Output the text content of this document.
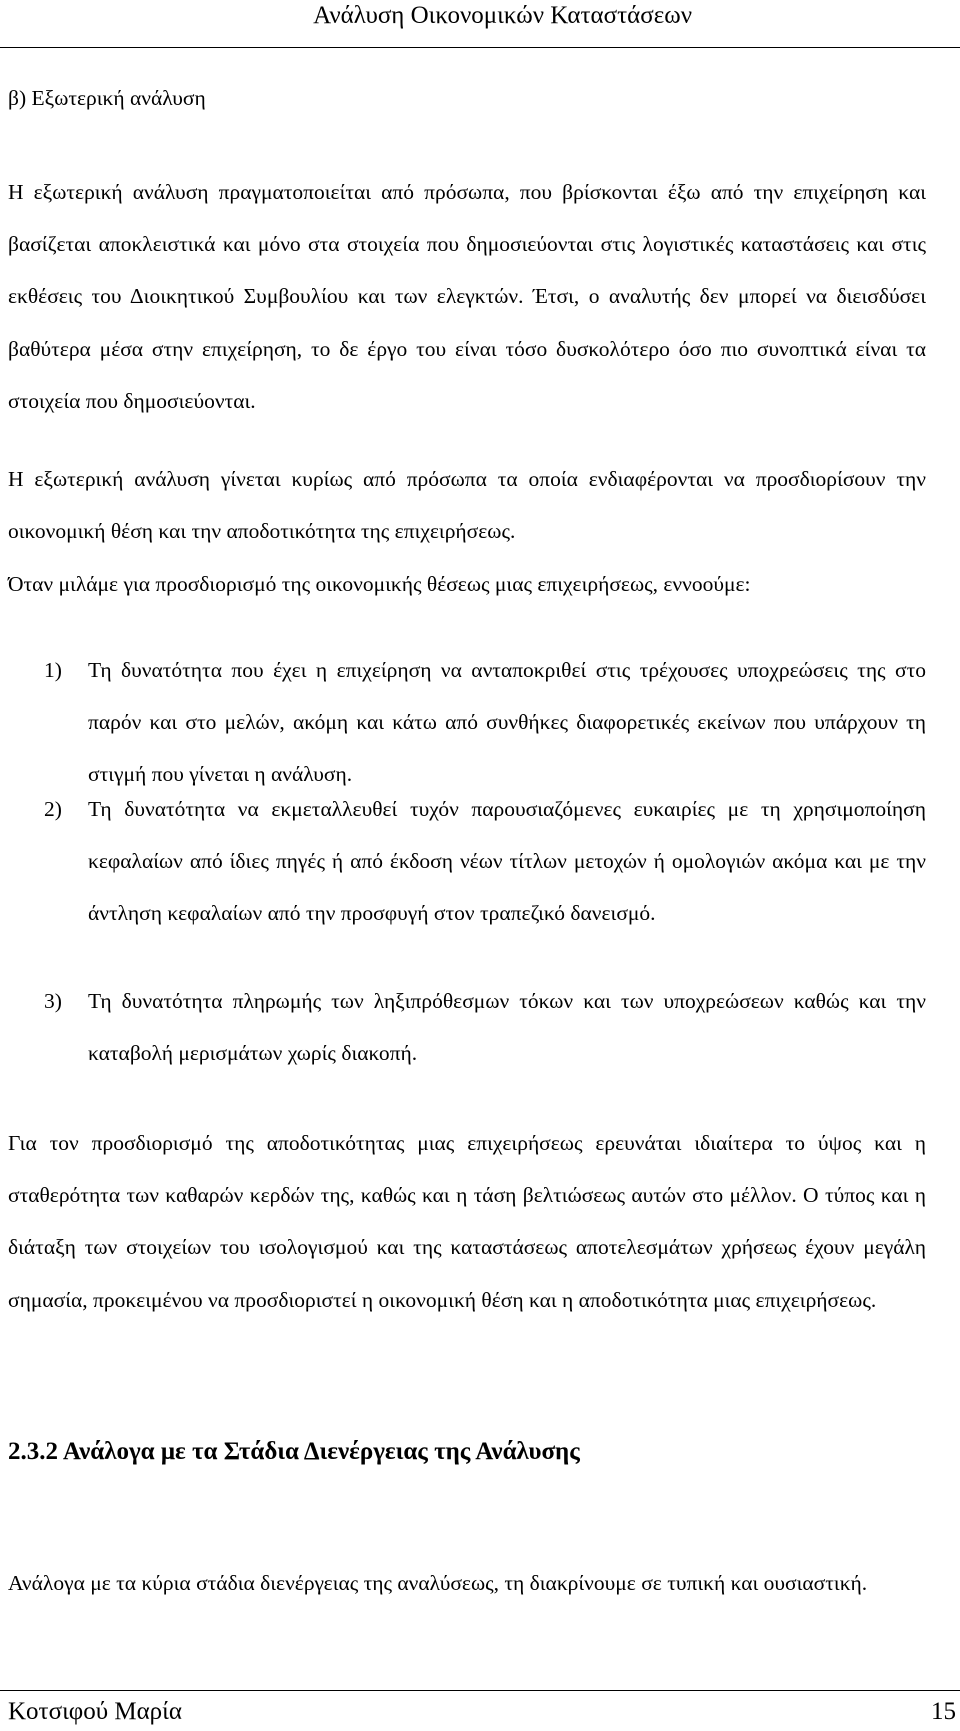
Ανάλυση Οικονομικών Καταστάσεων

β) Εξωτερική ανάλυση

Η εξωτερική ανάλυση πραγματοποιείται από πρόσωπα, που βρίσκονται έξω από την επιχείρηση και βασίζεται αποκλειστικά και μόνο στα στοιχεία που δημοσιεύονται στις λογιστικές καταστάσεις και στις εκθέσεις του Διοικητικού Συμβουλίου και των ελεγκτών. Έτσι, ο αναλυτής δεν μπορεί να διεισδύσει βαθύτερα μέσα στην επιχείρηση, το δε έργο του είναι τόσο δυσκολότερο όσο πιο συνοπτικά είναι τα στοιχεία που δημοσιεύονται.

Η εξωτερική ανάλυση γίνεται κυρίως από πρόσωπα τα οποία ενδιαφέρονται να προσδιορίσουν την οικονομική θέση και την αποδοτικότητα της επιχειρήσεως.

Όταν μιλάμε για προσδιορισμό της οικονομικής θέσεως μιας επιχειρήσεως, εννοούμε:

1) Τη δυνατότητα που έχει η επιχείρηση να ανταποκριθεί στις τρέχουσες υποχρεώσεις της στο παρόν και στο μελών, ακόμη και κάτω από συνθήκες διαφορετικές εκείνων που υπάρχουν τη στιγμή που γίνεται η ανάλυση.
2) Τη δυνατότητα να εκμεταλλευθεί τυχόν παρουσιαζόμενες ευκαιρίες με τη χρησιμοποίηση κεφαλαίων από ίδιες πηγές ή από έκδοση νέων τίτλων μετοχών ή ομολογιών ακόμα και με την άντληση κεφαλαίων από την προσφυγή στον τραπεζικό δανεισμό.
3) Τη δυνατότητα πληρωμής των ληξιπρόθεσμων τόκων και των υποχρεώσεων καθώς και την καταβολή μερισμάτων χωρίς διακοπή.

Για τον προσδιορισμό της αποδοτικότητας μιας επιχειρήσεως ερευνάται ιδιαίτερα το ύψος και η σταθερότητα των καθαρών κερδών της, καθώς και η τάση βελτιώσεως αυτών στο μέλλον. Ο τύπος και η διάταξη των στοιχείων του ισολογισμού και της καταστάσεως αποτελεσμάτων χρήσεως έχουν μεγάλη σημασία, προκειμένου να προσδιοριστεί η οικονομική θέση και η αποδοτικότητα μιας επιχειρήσεως.

2.3.2 Ανάλογα με τα Στάδια Διενέργειας της Ανάλυσης

Ανάλογα με τα κύρια στάδια διενέργειας της αναλύσεως, τη διακρίνουμε σε τυπική και ουσιαστική.

Κοτσιφού Μαρία	15
